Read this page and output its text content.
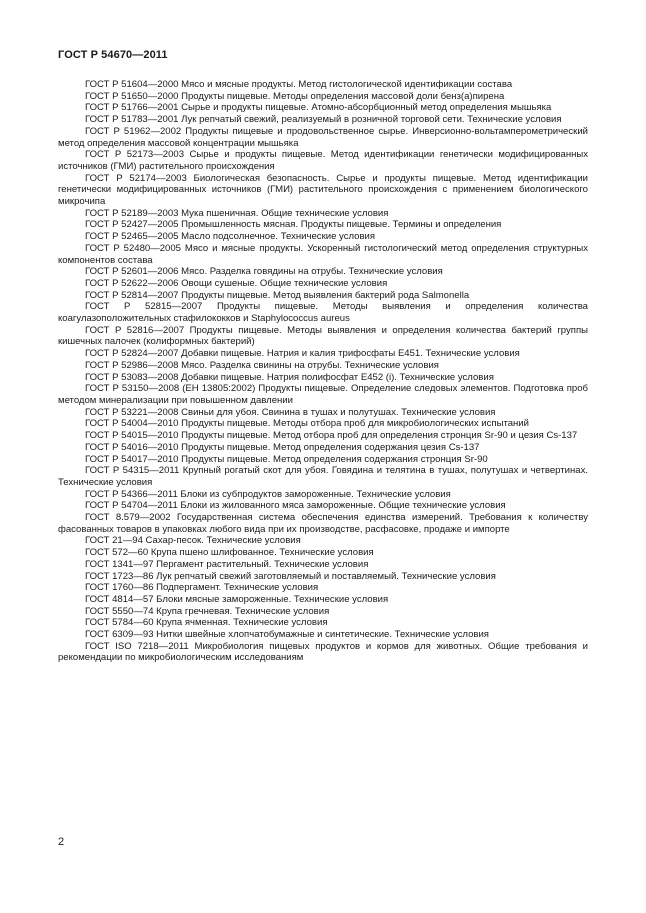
ГОСТ Р 54670—2011

ГОСТ Р 51604—2000 Мясо и мясные продукты. Метод гистологической идентификации состава

ГОСТ Р 51650—2000 Продукты пищевые. Методы определения массовой доли бенз(а)пирена

ГОСТ Р 51766—2001 Сырье и продукты пищевые. Атомно-абсорбционный метод определения мышьяка

ГОСТ Р 51783—2001 Лук репчатый свежий, реализуемый в розничной торговой сети. Технические условия

ГОСТ Р 51962—2002 Продукты пищевые и продовольственное сырье. Инверсионно-вольтамперометрический метод определения массовой концентрации мышьяка

ГОСТ Р 52173—2003 Сырье и продукты пищевые. Метод идентификации генетически модифицированных источников (ГМИ) растительного происхождения

ГОСТ Р 52174—2003 Биологическая безопасность. Сырье и продукты пищевые. Метод идентификации генетически модифицированных источников (ГМИ) растительного происхождения с применением биологического микрочипа

ГОСТ Р 52189—2003 Мука пшеничная. Общие технические условия

ГОСТ Р 52427—2005 Промышленность мясная. Продукты пищевые. Термины и определения

ГОСТ Р 52465—2005 Масло подсолнечное. Технические условия

ГОСТ Р 52480—2005 Мясо и мясные продукты. Ускоренный гистологический метод определения структурных компонентов состава

ГОСТ Р 52601—2006 Мясо. Разделка говядины на отрубы. Технические условия

ГОСТ Р 52622—2006 Овощи сушеные. Общие технические условия

ГОСТ Р 52814—2007 Продукты пищевые. Метод выявления бактерий рода Salmonella

ГОСТ Р 52815—2007 Продукты пищевые. Методы выявления и определения количества коагулазоположительных стафилококков и Staphylococcus aureus

ГОСТ Р 52816—2007 Продукты пищевые. Методы выявления и определения количества бактерий группы кишечных палочек (колиформных бактерий)

ГОСТ Р 52824—2007 Добавки пищевые. Натрия и калия трифосфаты Е451. Технические условия

ГОСТ Р 52986—2008 Мясо. Разделка свинины на отрубы. Технические условия

ГОСТ Р 53083—2008 Добавки пищевые. Натрия полифосфат Е452 (i). Технические условия

ГОСТ Р 53150—2008 (ЕН 13805:2002) Продукты пищевые. Определение следовых элементов. Подготовка проб методом минерализации при повышенном давлении

ГОСТ Р 53221—2008 Свиньи для убоя. Свинина в тушах и полутушах. Технические условия

ГОСТ Р 54004—2010 Продукты пищевые. Методы отбора проб для микробиологических испытаний

ГОСТ Р 54015—2010 Продукты пищевые. Метод отбора проб для определения стронция Sr-90 и цезия Cs-137

ГОСТ Р 54016—2010 Продукты пищевые. Метод определения содержания цезия Cs-137

ГОСТ Р 54017—2010 Продукты пищевые. Метод определения содержания стронция Sr-90

ГОСТ Р 54315—2011 Крупный рогатый скот для убоя. Говядина и телятина в тушах, полутушах и четвертинах. Технические условия

ГОСТ Р 54366—2011 Блоки из субпродуктов замороженные. Технические условия

ГОСТ Р 54704—2011 Блоки из жилованного мяса замороженные. Общие технические условия

ГОСТ 8.579—2002 Государственная система обеспечения единства измерений. Требования к количеству фасованных товаров в упаковках любого вида при их производстве, расфасовке, продаже и импорте

ГОСТ 21—94 Сахар-песок. Технические условия

ГОСТ 572—60 Крупа пшено шлифованное. Технические условия

ГОСТ 1341—97 Пергамент растительный. Технические условия

ГОСТ 1723—86 Лук репчатый свежий заготовляемый и поставляемый. Технические условия

ГОСТ 1760—86 Подпергамент. Технические условия

ГОСТ 4814—57 Блоки мясные замороженные. Технические условия

ГОСТ 5550—74 Крупа гречневая. Технические условия

ГОСТ 5784—60 Крупа ячменная. Технические условия

ГОСТ 6309—93 Нитки швейные хлопчатобумажные и синтетические. Технические условия

ГОСТ ISO 7218—2011 Микробиология пищевых продуктов и кормов для животных. Общие требования и рекомендации по микробиологическим исследованиям

2
